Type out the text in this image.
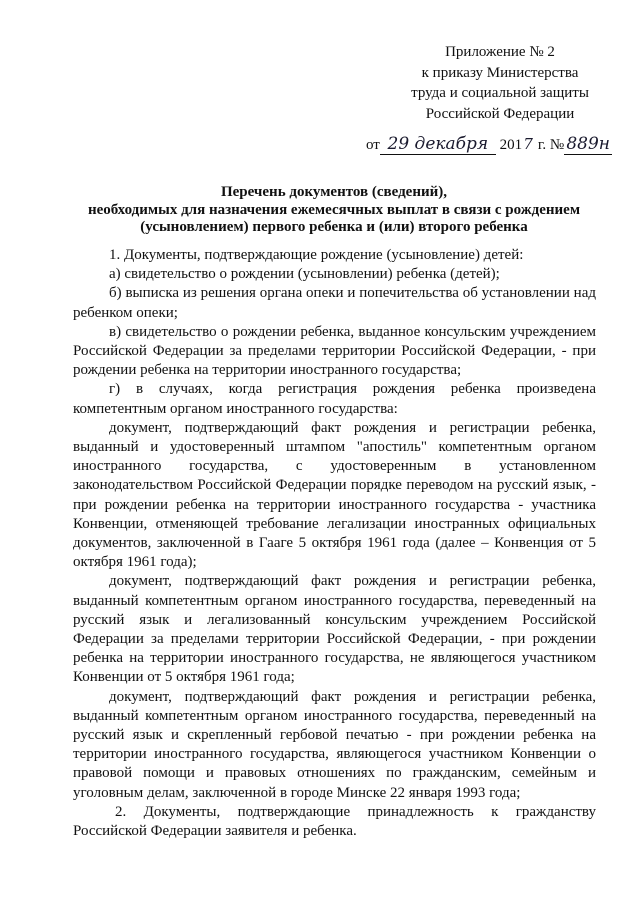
Приложение № 2
к приказу Министерства
труда и социальной защиты
Российской Федерации
от 29 декабря 2017 г. № 889н
Перечень документов (сведений),
необходимых для назначения ежемесячных выплат в связи с рождением
(усыновлением) первого ребенка и (или) второго ребенка

1. Документы, подтверждающие рождение (усыновление) детей:

а) свидетельство о рождении (усыновлении) ребенка (детей);

б) выписка из решения органа опеки и попечительства об установлении над ребенком опеки;

в) свидетельство о рождении ребенка, выданное консульским учреждением Российской Федерации за пределами территории Российской Федерации, - при рождении ребенка на территории иностранного государства;

г) в случаях, когда регистрация рождения ребенка произведена компетентным органом иностранного государства:

документ, подтверждающий факт рождения и регистрации ребенка, выданный и удостоверенный штампом "апостиль" компетентным органом иностранного государства, с удостоверенным в установленном законодательством Российской Федерации порядке переводом на русский язык, - при рождении ребенка на территории иностранного государства - участника Конвенции, отменяющей требование легализации иностранных официальных документов, заключенной в Гааге 5 октября 1961 года (далее – Конвенция от 5 октября 1961 года);

документ, подтверждающий факт рождения и регистрации ребенка, выданный компетентным органом иностранного государства, переведенный на русский язык и легализованный консульским учреждением Российской Федерации за пределами территории Российской Федерации, - при рождении ребенка на территории иностранного государства, не являющегося участником Конвенции от 5 октября 1961 года;

документ, подтверждающий факт рождения и регистрации ребенка, выданный компетентным органом иностранного государства, переведенный на русский язык и скрепленный гербовой печатью - при рождении ребенка на территории иностранного государства, являющегося участником Конвенции о правовой помощи и правовых отношениях по гражданским, семейным и уголовным делам, заключенной в городе Минске 22 января 1993 года;

2. Документы, подтверждающие принадлежность к гражданству Российской Федерации заявителя и ребенка.
